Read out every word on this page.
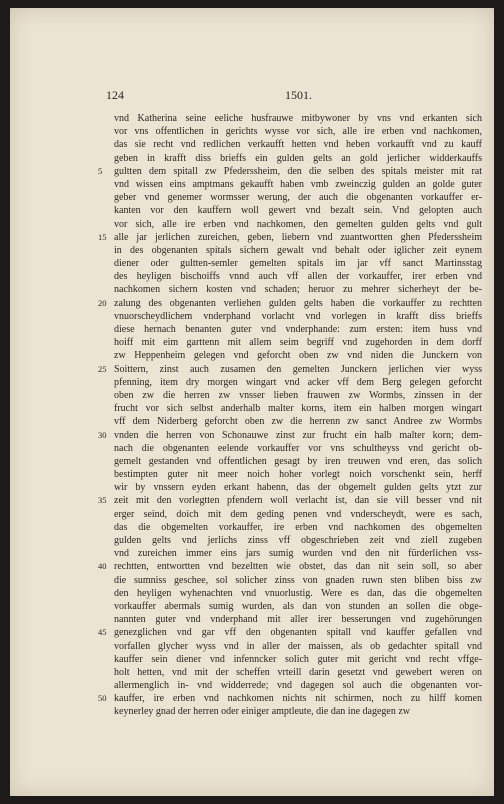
124	1501.
vnd Katherina seine eeliche husfrauwe mitbywoner by vns vnd erkanten sich
vor vns offentlichen in gerichts wysse vor sich, alle ire erben vnd nachkomen,
das sie recht vnd redlichen verkaufft hetten vnd heben vorkaufft vnd zu kauff
geben in krafft diss brieffs ein gulden gelts an gold jerlicher widderkauffs
5	gultten dem spitall zw Pfederssheim, den die selben des spitals meister mit rat
vnd wissen eins amptmans gekaufft haben vmb zweinczig gulden an golde guter
geber vnd genemer wormsser werung, der auch die obgenanten vorkauffer er-
kanten vor den kauffern woll gewert vnd bezalt sein. Vnd gelopten auch
vor sich, alle ire erben vnd nachkomen, den gemelten gulden gelts vnd gult
15 alle jar jerlichen zureichen, geben, liebern vnd zuantwortten ghen Pfederssheim
in des obgenanten spitals sichern gewalt vnd behalt oder iglicher zeit eynem
diener oder gultten-semler gemelten spitals im jar vff sanct Martinsstag
des heyligen bischoiffs vnnd auch vff allen der vorkauffer, irer erben vnd
nachkomen sichern kosten vnd schaden; heruor zu mehrer sicherheyt der be-
20 zalung des obgenanten verliehen gulden gelts haben die vorkauffer zu rechtten
vnuorscheydlichem vnderphand vorlacht vnd vorlegen in krafft diss brieffs
diese hernach benanten guter vnd vnderphande: zum ersten: item huss vnd
hoiff mit eim garttenn mit allem seim begriff vnd zugehorden in dem dorff
zw Heppenheim gelegen vnd geforcht oben zw vnd niden die Junckern von
25 Soittern, zinst auch zusamen den gemelten Junckern jerlichen vier wyss
pfenning, item dry morgen wingart vnd acker vff dem Berg gelegen geforcht
oben zw die herren zw vnsser lieben frauwen zw Wormbs, zinssen in der
frucht vor sich selbst anderhalb malter korns, item ein halben morgen wingart
vff dem Niderberg geforcht oben zw die herrenn zw sanct Andree zw Wormbs
30 vnden die herren von Schonauwe zinst zur frucht ein halb malter korn; dem-
nach die obgenanten eelende vorkauffer vor vns schultheyss vnd gericht ob-
gemelt gestanden vnd offentlichen gesagt by iren treuwen vnd eren, das solich
bestimpten guter nit meer noich hoher vorlegt noich vorschenkt sein, herff
wir by vnssern eyden erkant habenn, das der obgemelt gulden gelts ytzt zur
35 zeit mit den vorlegtten pfendern woll verlacht ist, dan sie vill besser vnd nit
erger seind, doich mit dem geding penen vnd vnderscheydt, were es sach,
das die obgemelten vorkauffer, ire erben vnd nachkomen des obgemelten
gulden gelts vnd jerlichs zinss vff obgeschrieben zeit vnd ziell zugeben
vnd zureichen immer eins jars sumig wurden vnd den nit fürderlichen vss-
40 rechtten, entwortten vnd bezeltten wie obstet, das dan nit sein soll, so aber
die sumniss geschee, sol solicher zinss von gnaden ruwn sten bliben biss zw
den heyligen wyhenachten vnd vnuorlustig. Were es dan, das die obgemelten
vorkauffer abermals sumig wurden, als dan von stunden an sollen die obge-
nannten guter vnd vnderphand mit aller irer besserungen vnd zugehörungen
45 genezglichen vnd gar vff den obgenanten spitall vnd kauffer gefallen vnd
vorfallen glycher wyss vnd in aller der maissen, als ob gedachter spitall vnd
kauffer sein diener vnd infenncker solich guter mit gericht vnd recht vffge-
holt hetten, vnd mit der scheffen vrteill darin gesetzt vnd gewebert weren on
allermenglich in- vnd widderrede; vnd dagegen sol auch die obgenanten vor-
50 kauffer, ire erben vnd nachkomen nichts nit schirmen, noch zu hilff komen
keynerley gnad der herren oder einiger amptleute, die dan ine dagegen zw
